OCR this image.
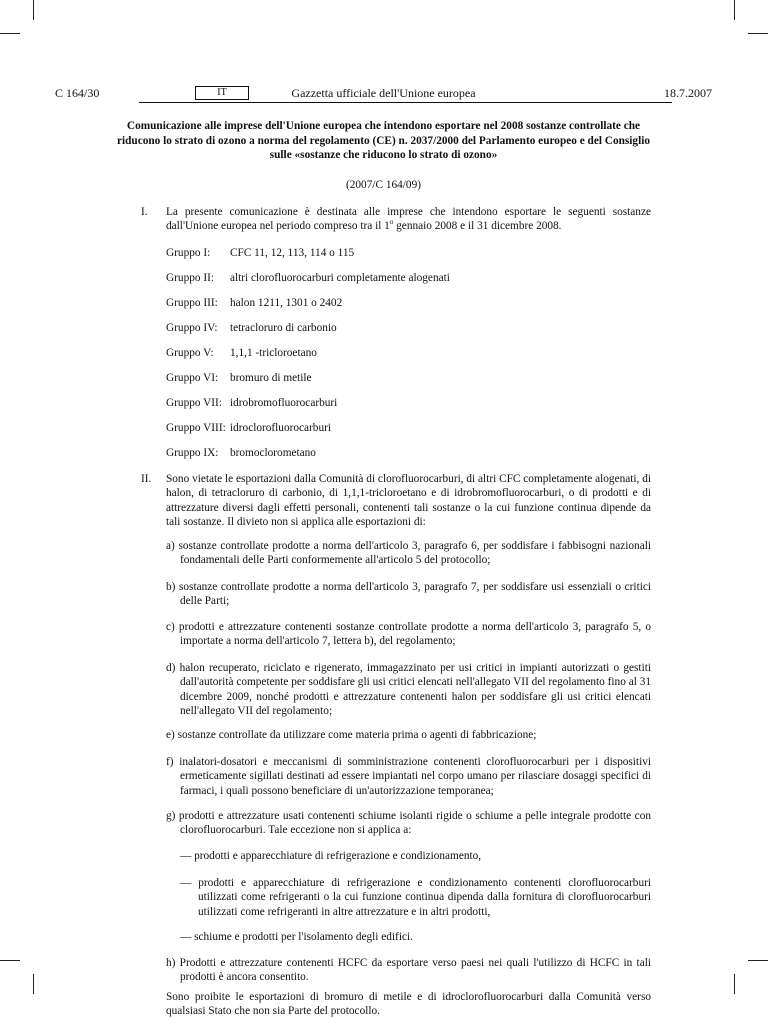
Gazzetta ufficiale dell'Unione europea
C 164/30	IT	18.7.2007
Comunicazione alle imprese dell'Unione europea che intendono esportare nel 2008 sostanze controllate che riducono lo strato di ozono a norma del regolamento (CE) n. 2037/2000 del Parlamento europeo e del Consiglio sulle «sostanze che riducono lo strato di ozono»
(2007/C 164/09)
I. La presente comunicazione è destinata alle imprese che intendono esportare le seguenti sostanze dall'Unione europea nel periodo compreso tra il 1$^o$ gennaio 2008 e il 31 dicembre 2008.
Gruppo I: CFC 11, 12, 113, 114 o 115
Gruppo II: altri clorofluorocarburi completamente alogenati
Gruppo III: halon 1211, 1301 o 2402
Gruppo IV: tetracloruro di carbonio
Gruppo V: 1,1,1 -tricloroetano
Gruppo VI: bromuro di metile
Gruppo VII: idrobromofluorocarburi
Gruppo VIII: idroclorofluorocarburi
Gruppo IX: bromoclorometano
II. Sono vietate le esportazioni dalla Comunità di clorofluorocarburi, di altri CFC completamente alogenati, di halon, di tetracloruro di carbonio, di 1,1,1-tricloroetano e di idrobromofluorocarburi, o di prodotti e di attrezzature diversi dagli effetti personali, contenenti tali sostanze o la cui funzione continua dipende da tali sostanze. Il divieto non si applica alle esportazioni di:
a) sostanze controllate prodotte a norma dell'articolo 3, paragrafo 6, per soddisfare i fabbisogni nazionali fondamentali delle Parti conformemente all'articolo 5 del protocollo;
b) sostanze controllate prodotte a norma dell'articolo 3, paragrafo 7, per soddisfare usi essenziali o critici delle Parti;
c) prodotti e attrezzature contenenti sostanze controllate prodotte a norma dell'articolo 3, paragrafo 5, o importate a norma dell'articolo 7, lettera b), del regolamento;
d) halon recuperato, riciclato e rigenerato, immagazzinato per usi critici in impianti autorizzati o gestiti dall'autorità competente per soddisfare gli usi critici elencati nell'allegato VII del regolamento fino al 31 dicembre 2009, nonché prodotti e attrezzature contenenti halon per soddisfare gli usi critici elencati nell'allegato VII del regolamento;
e) sostanze controllate da utilizzare come materia prima o agenti di fabbricazione;
f) inalatori-dosatori e meccanismi di somministrazione contenenti clorofluorocarburi per i dispositivi ermeticamente sigillati destinati ad essere impiantati nel corpo umano per rilasciare dosaggi specifici di farmaci, i quali possono beneficiare di un'autorizzazione temporanea;
g) prodotti e attrezzature usati contenenti schiume isolanti rigide o schiume a pelle integrale prodotte con clorofluorocarburi. Tale eccezione non si applica a:
— prodotti e apparecchiature di refrigerazione e condizionamento,
— prodotti e apparecchiature di refrigerazione e condizionamento contenenti clorofluorocarburi utilizzati come refrigeranti o la cui funzione continua dipenda dalla fornitura di clorofluorocarburi utilizzati come refrigeranti in altre attrezzature e in altri prodotti,
— schiume e prodotti per l'isolamento degli edifici.
h) Prodotti e attrezzature contenenti HCFC da esportare verso paesi nei quali l'utilizzo di HCFC in tali prodotti è ancora consentito.
Sono proibite le esportazioni di bromuro di metile e di idroclorofluorocarburi dalla Comunità verso qualsiasi Stato che non sia Parte del protocollo.
